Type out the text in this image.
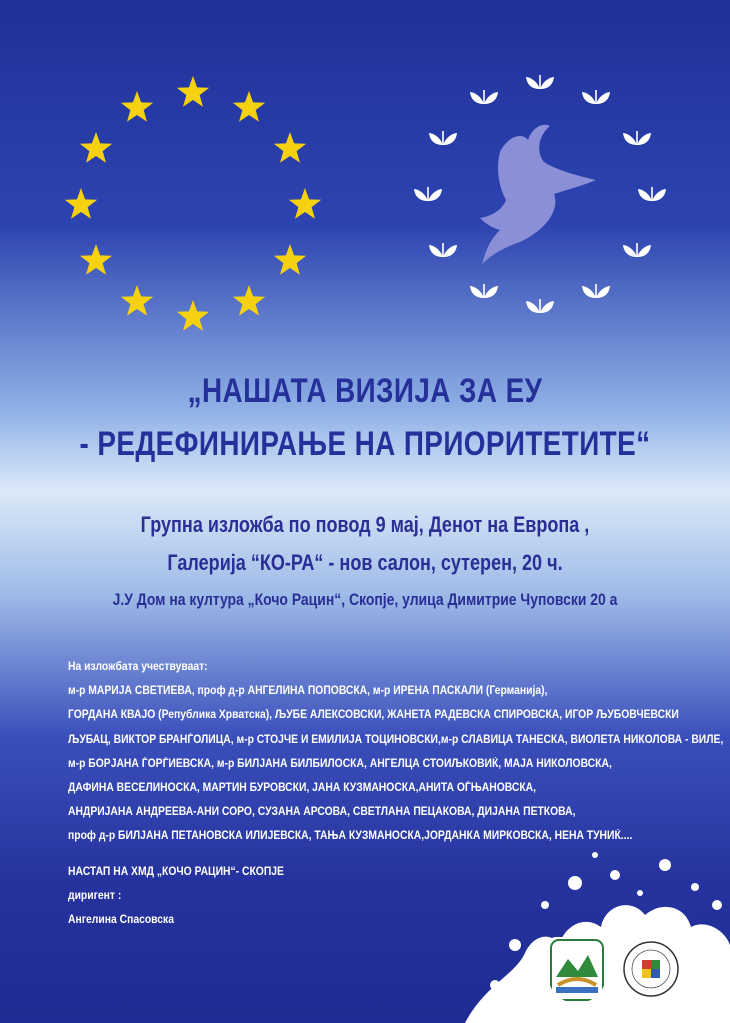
„НАШАТА ВИЗИЈА ЗА ЕУ
- РЕДЕФИНИРАЊЕ НА ПРИОРИТЕТИТЕ“
Групна изложба по повод 9 мај, Денот на Европа ,
Галерија “КО-РА“ - нов салон, сутерен, 20 ч.
Ј.У Дом на култура „Кочо Рацин“, Скопје, улица Димитрие Чуповски 20 а
На изложбата учествуваат:
м-р МАРИЈА СВЕТИЕВА, проф д-р АНГЕЛИНА ПОПОВСКА, м-р ИРЕНА ПАСКАЛИ (Германија),
ГОРДАНА КВАЈО (Република Хрватска), ЉУБЕ АЛЕКСОВСКИ, ЖАНЕТА РАДЕВСКА СПИРОВСКА, ИГОР ЉУБОВЧЕВСКИ
ЉУБАЦ, ВИКТОР БРАНЃОЛИЦА, м-р СТОЈЧЕ И ЕМИЛИЈА ТОЦИНОВСКИ,м-р СЛАВИЦА ТАНЕСКА, ВИОЛЕТА НИКОЛОВА - ВИЛЕ,
м-р БОРЈАНА ЃОРЃИЕВСКА, м-р БИЛЈАНА БИЛБИЛОСКА, АНГЕЛЦА СТОИЉКОВИЌ, МАЈА НИКОЛОВСКА,
ДАФИНА ВЕСЕЛИНОСКА, МАРТИН БУРОВСКИ, ЈАНА КУЗМАНОСКА,АНИТА ОЃЊАНОВСКА,
АНДРИЈАНА АНДРЕЕВА-АНИ СОРО, СУЗАНА АРСОВА, СВЕТЛАНА ПЕЦАКОВА, ДИЈАНА ПЕТКОВА,
проф д-р БИЛЈАНА ПЕТАНОВСКА ИЛИЈЕВСКА, ТАЊА КУЗМАНОСКА,ЈОРДАНКА МИРКОВСКА, НЕНА ТУНИЌ....
НАСТАП НА ХМД „КОЧО РАЦИН“- СКОПЈЕ
диригент :
Ангелина Спасовска
